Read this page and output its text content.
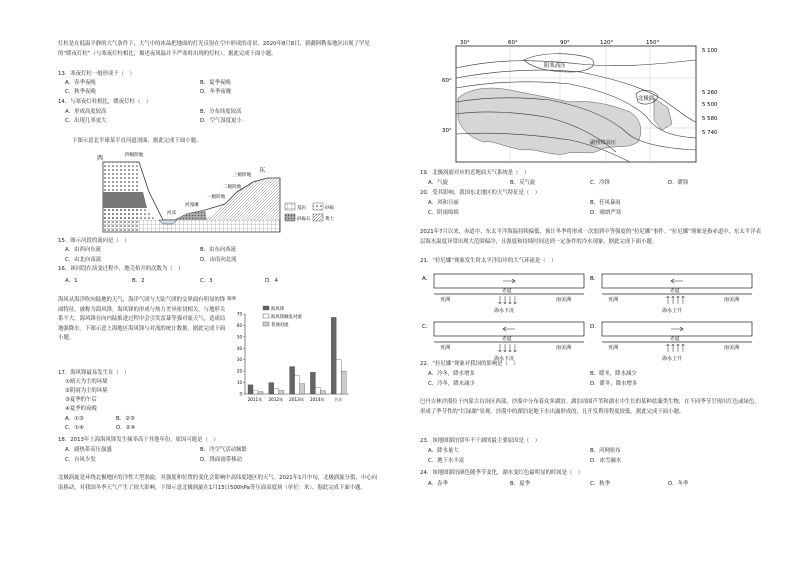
灯柱是在低温平静的大气条件下，大气中的冰晶把地面的灯光反射在空中形成的奇景。2020年8月8日，新疆阿勒泰地区出现了罕见的“暖夜灯柱”（与寒夜灯柱相比，描述夜风温并不严寒时出现的灯柱）。据此完成下面小题。
13．寒夜灯柱一般形成于（　）
A．春季夜晚	B．夏季夜晚
C．秋季夜晚	D．冬季夜晚
14．与寒夜灯柱相比，暖夜灯柱（　）
A．形成高度较高	B．分布纬度较高
C．出现几率更大	D．空气湿度更小
下图示意北半球某平直河道剖面，据此完成下面小题。
西
东
四级阶地
三级阶地
二级阶地
一级阶地
河漫滩
河床
基岩	砂砾
砂砾石	黄土
15．图示河段的流向是（　）
A．由西向东流	B．由东向西流
C．由北向南流	D．由南向北流
16．该河段在演变过程中，地壳抬升的次数为（　）
A．1	B．2	C．3	D．4
海风从海洋吹向陆地的天气，海洋气团与大陆气团的交界面有明显的锋面特征，被称为海风锋。海风锋的形成与热力差异密切相关，与地形关系不大。海风锋在向内陆推进过程中会引发雷暴等强对流天气，造成局地强降水。下图示意上海地区海风锋与对流的统计数据。据此完成下面小题。
频率
0
10
20
30
40
50
60
70
2011年 2012年 2013年 2014年 合计
海风锋
海风锋触发对流
普通对流
17．海风锋最易发生在（　）
①晴天为主的环境
②阴雨为主的环境
③夏季的午后
④夏季的夜晚
A．①③	B．②③
C．①④	D．②④
18．2013年上海海风锋发生频率高于其他年份，原因可能是（　）
A．副热带高压强盛	B．冷空气活动频繁
C．台风少发	D．锋面雨带移动
北极涡旋是环绕北极地区的冷性大型涡旋，其强度和位置的变化会影响中高纬度地区的天气。2021年1月中旬，北极涡旋分裂，中心向南移动，对我国冬季天气产生了较大影响。下图示意北极涡旋在1月15日500hPa等压面高度场（单位：米）。据此完成下面小题。
30°	60°	90°	120°	150°
60°
30°
阻塞高压
北极涡
副热带高压
5 100
5 260
5 500
5 580
5 740
19．北极涡旋对应的近地面天气系统是（　）
A．气旋	B．反气旋	C．冷锋	D．暖锋
20．受其影响，我国东北地区的天气特征是（　）
A．风和日丽	B．狂风暴雨
C．阴雨绵绵	D．晴朗严寒
2021年7月以来，赤道中、东太平洋海温持续偏低，预计冬季将形成一次弱到中等强度的“拉尼娜”事件。“拉尼娜”现象是指赤道中、东太平洋表层海水温度异常出现大范围偏冷，且强度和持续时间达到一定条件的冷水现象。据此完成下面小题。
21．“拉尼娜”现象发生时太平洋沿岸的大气环流是（　）
A．
赤道
亚洲	南美洲
海水下沉
B．
赤道
亚洲	南美洲
海水上升
C．
赤道
亚洲	南美洲
海水下沉
D．
赤道
亚洲	南美洲
海水上升
22．“拉尼娜”现象对我国的影响是（　）
A．冷冬，降水增多	B．暖冬，降水减少
C．冷冬，降水减少	D．暖冬，降水增多
巴丹吉林沙漠位于内蒙古自治区西部，沙漠中分布着众多湖泊。湖泊周围芦苇和湖水中生长的某种盐藻类生物，在不同季节呈现出红色或绿色，形成了季节性的“红绿湖”景观。沙漠中的湖泊是地下水出露形成的，且开发利用程度较低。据此完成下面小题。
23．该地图湖泊常年不干涸的最主要原因是（　）
A．降水量大	B．河网密布
C．地下水丰富	D．冰雪融水
24．该地图湖泊颜色随季节变化，湖水变红色最明显的时间是（　）
A．春季	B．夏季	C．秋季	D．冬季
